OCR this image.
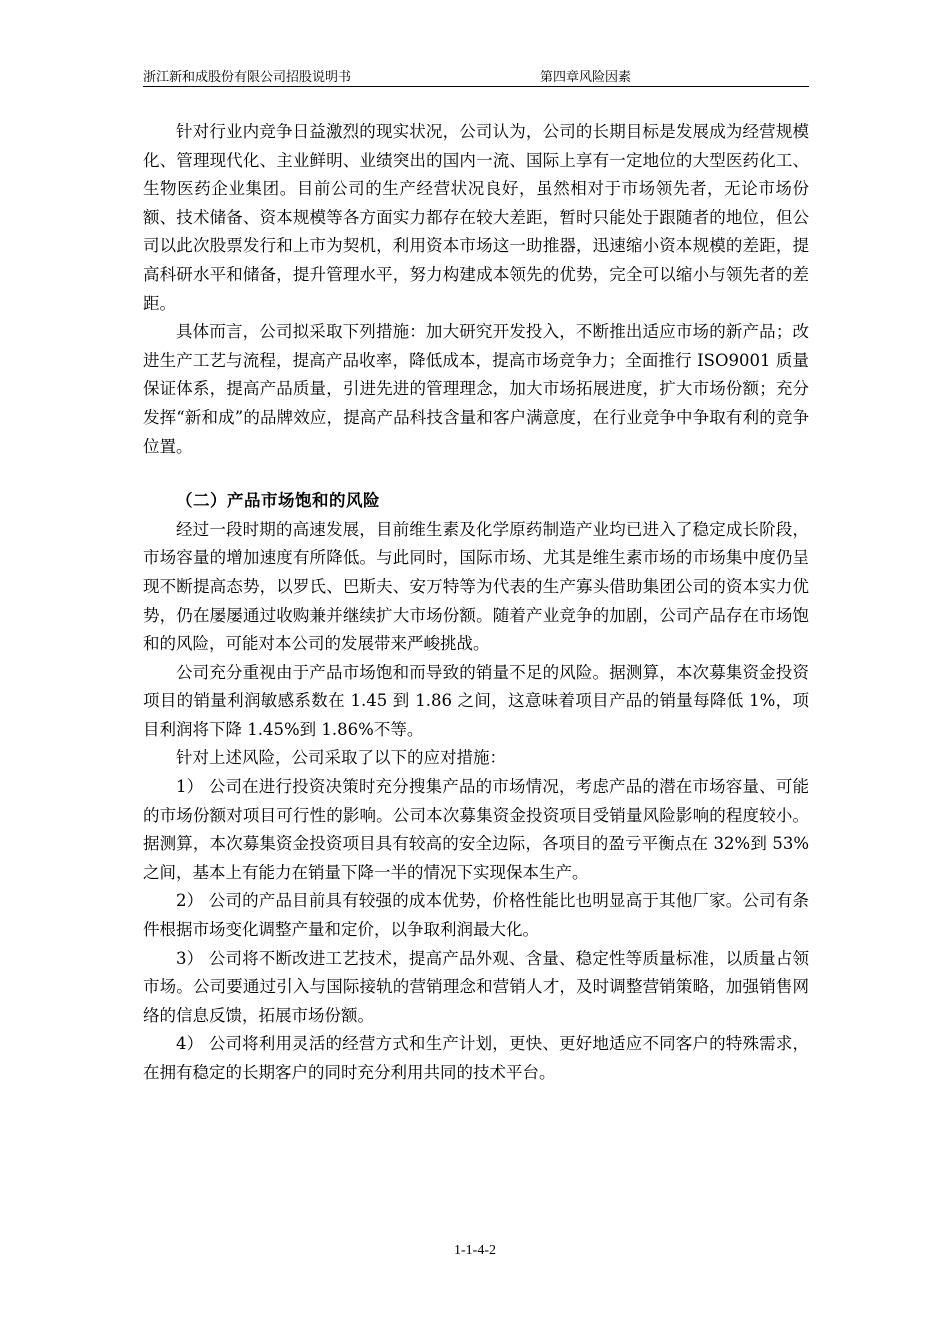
浙江新和成股份有限公司招股说明书	第四章风险因素

针对行业内竞争日益激烈的现实状况，公司认为，公司的长期目标是发展成为经营规模化、管理现代化、主业鲜明、业绩突出的国内一流、国际上享有一定地位的大型医药化工、生物医药企业集团。目前公司的生产经营状况良好，虽然相对于市场领先者，无论市场份额、技术储备、资本规模等各方面实力都存在较大差距，暂时只能处于跟随者的地位，但公司以此次股票发行和上市为契机，利用资本市场这一助推器，迅速缩小资本规模的差距，提高科研水平和储备，提升管理水平，努力构建成本领先的优势，完全可以缩小与领先者的差距。

具体而言，公司拟采取下列措施：加大研究开发投入，不断推出适应市场的新产品；改进生产工艺与流程，提高产品收率，降低成本，提高市场竞争力；全面推行 ISO9001 质量保证体系，提高产品质量，引进先进的管理理念，加大市场拓展进度，扩大市场份额；充分发挥“新和成”的品牌效应，提高产品科技含量和客户满意度，在行业竞争中争取有利的竞争位置。

（二）产品市场饱和的风险

经过一段时期的高速发展，目前维生素及化学原药制造产业均已进入了稳定成长阶段，市场容量的增加速度有所降低。与此同时，国际市场、尤其是维生素市场的市场集中度仍呈现不断提高态势，以罗氏、巴斯夫、安万特等为代表的生产寡头借助集团公司的资本实力优势，仍在屡屡通过收购兼并继续扩大市场份额。随着产业竞争的加剧，公司产品存在市场饱和的风险，可能对本公司的发展带来严峻挑战。

公司充分重视由于产品市场饱和而导致的销量不足的风险。据测算，本次募集资金投资项目的销量利润敏感系数在 1.45 到 1.86 之间，这意味着项目产品的销量每降低 1%，项目利润将下降 1.45%到 1.86%不等。

针对上述风险，公司采取了以下的应对措施：

1） 公司在进行投资决策时充分搜集产品的市场情况，考虑产品的潜在市场容量、可能的市场份额对项目可行性的影响。公司本次募集资金投资项目受销量风险影响的程度较小。据测算，本次募集资金投资项目具有较高的安全边际，各项目的盈亏平衡点在 32%到 53%之间，基本上有能力在销量下降一半的情况下实现保本生产。

2） 公司的产品目前具有较强的成本优势，价格性能比也明显高于其他厂家。公司有条件根据市场变化调整产量和定价，以争取利润最大化。

3） 公司将不断改进工艺技术，提高产品外观、含量、稳定性等质量标准，以质量占领市场。公司要通过引入与国际接轨的营销理念和营销人才，及时调整营销策略，加强销售网络的信息反馈，拓展市场份额。

4） 公司将利用灵活的经营方式和生产计划，更快、更好地适应不同客户的特殊需求，在拥有稳定的长期客户的同时充分利用共同的技术平台。

1-1-4-2
